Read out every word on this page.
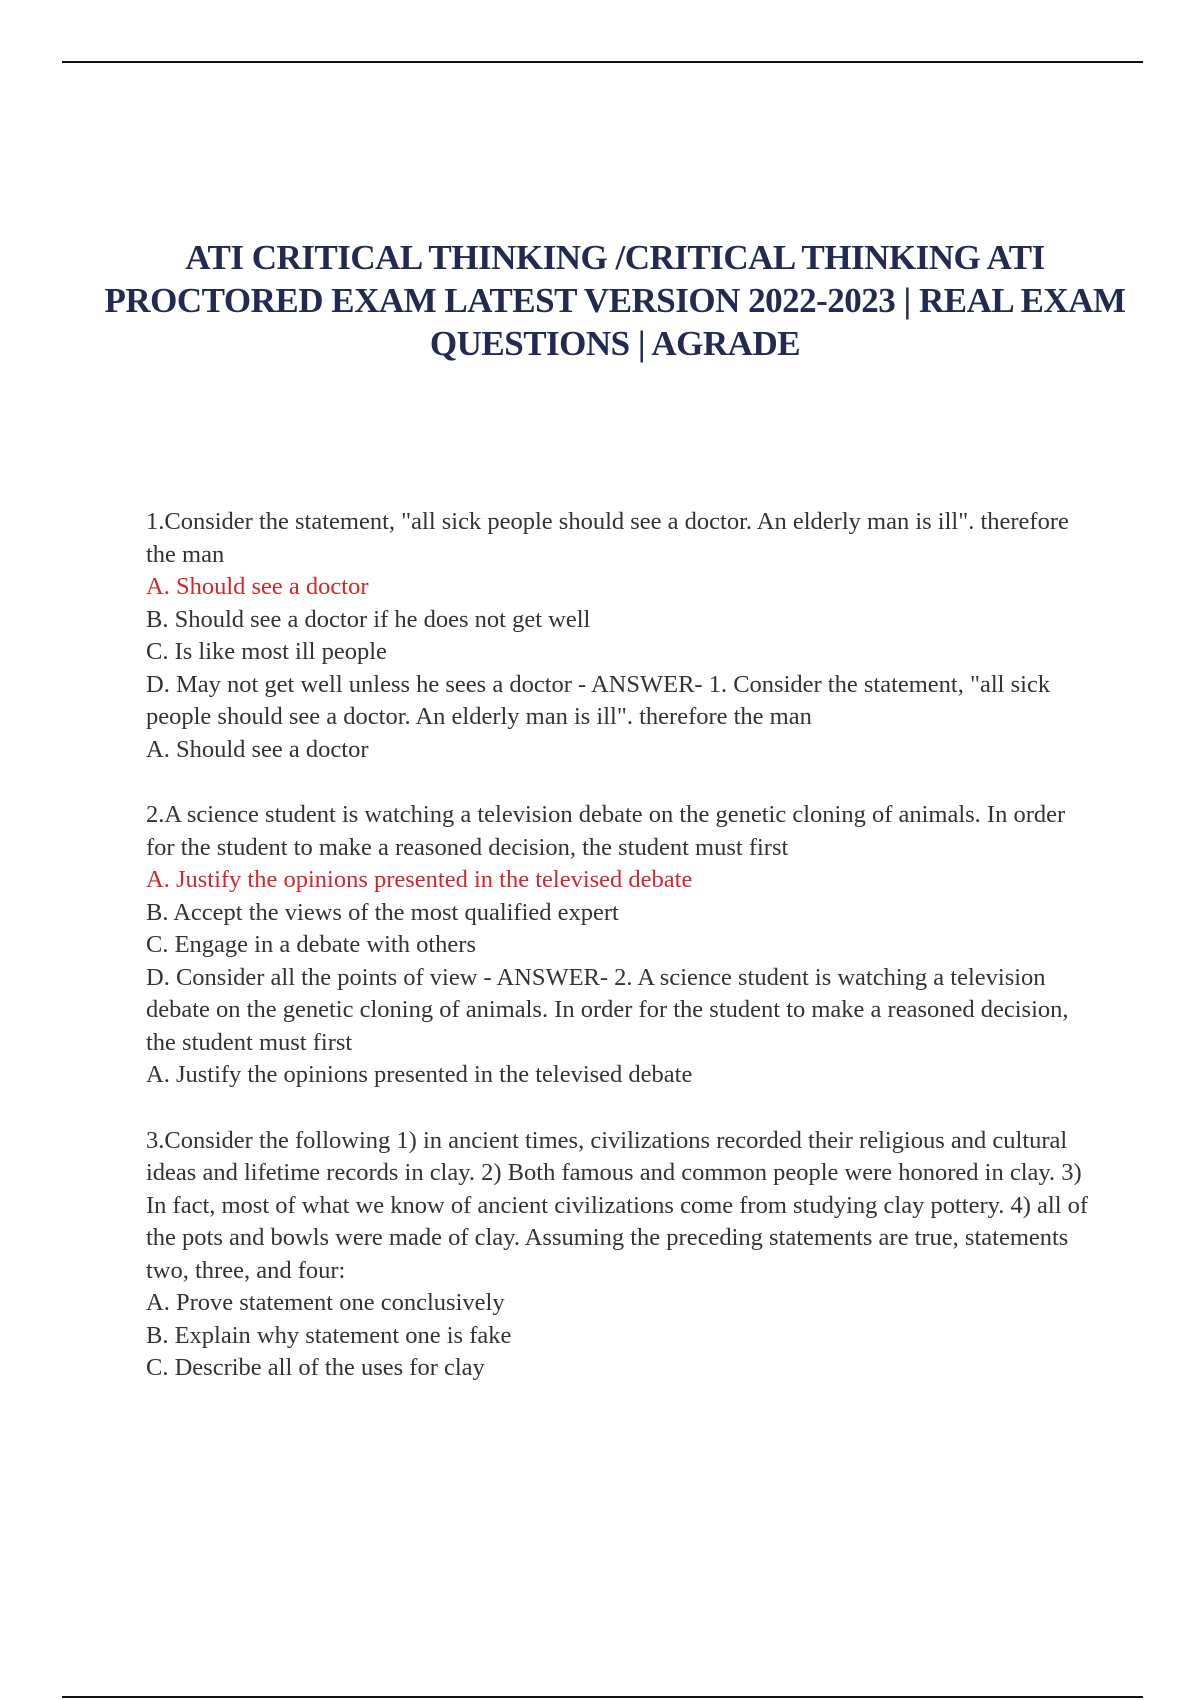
ATI CRITICAL THINKING /CRITICAL THINKING ATI PROCTORED EXAM LATEST VERSION 2022-2023 | REAL EXAM QUESTIONS | AGRADE
1.Consider the statement, "all sick people should see a doctor. An elderly man is ill". therefore the man
A. Should see a doctor
B. Should see a doctor if he does not get well
C. Is like most ill people
D. May not get well unless he sees a doctor - ANSWER- 1. Consider the statement, "all sick people should see a doctor. An elderly man is ill". therefore the man
A. Should see a doctor
2.A science student is watching a television debate on the genetic cloning of animals. In order for the student to make a reasoned decision, the student must first
A. Justify the opinions presented in the televised debate
B. Accept the views of the most qualified expert
C. Engage in a debate with others
D. Consider all the points of view - ANSWER- 2. A science student is watching a television debate on the genetic cloning of animals. In order for the student to make a reasoned decision, the student must first
A. Justify the opinions presented in the televised debate
3.Consider the following 1) in ancient times, civilizations recorded their religious and cultural ideas and lifetime records in clay. 2) Both famous and common people were honored in clay. 3) In fact, most of what we know of ancient civilizations come from studying clay pottery. 4) all of the pots and bowls were made of clay. Assuming the preceding statements are true, statements two, three, and four:
A. Prove statement one conclusively
B. Explain why statement one is fake
C. Describe all of the uses for clay
